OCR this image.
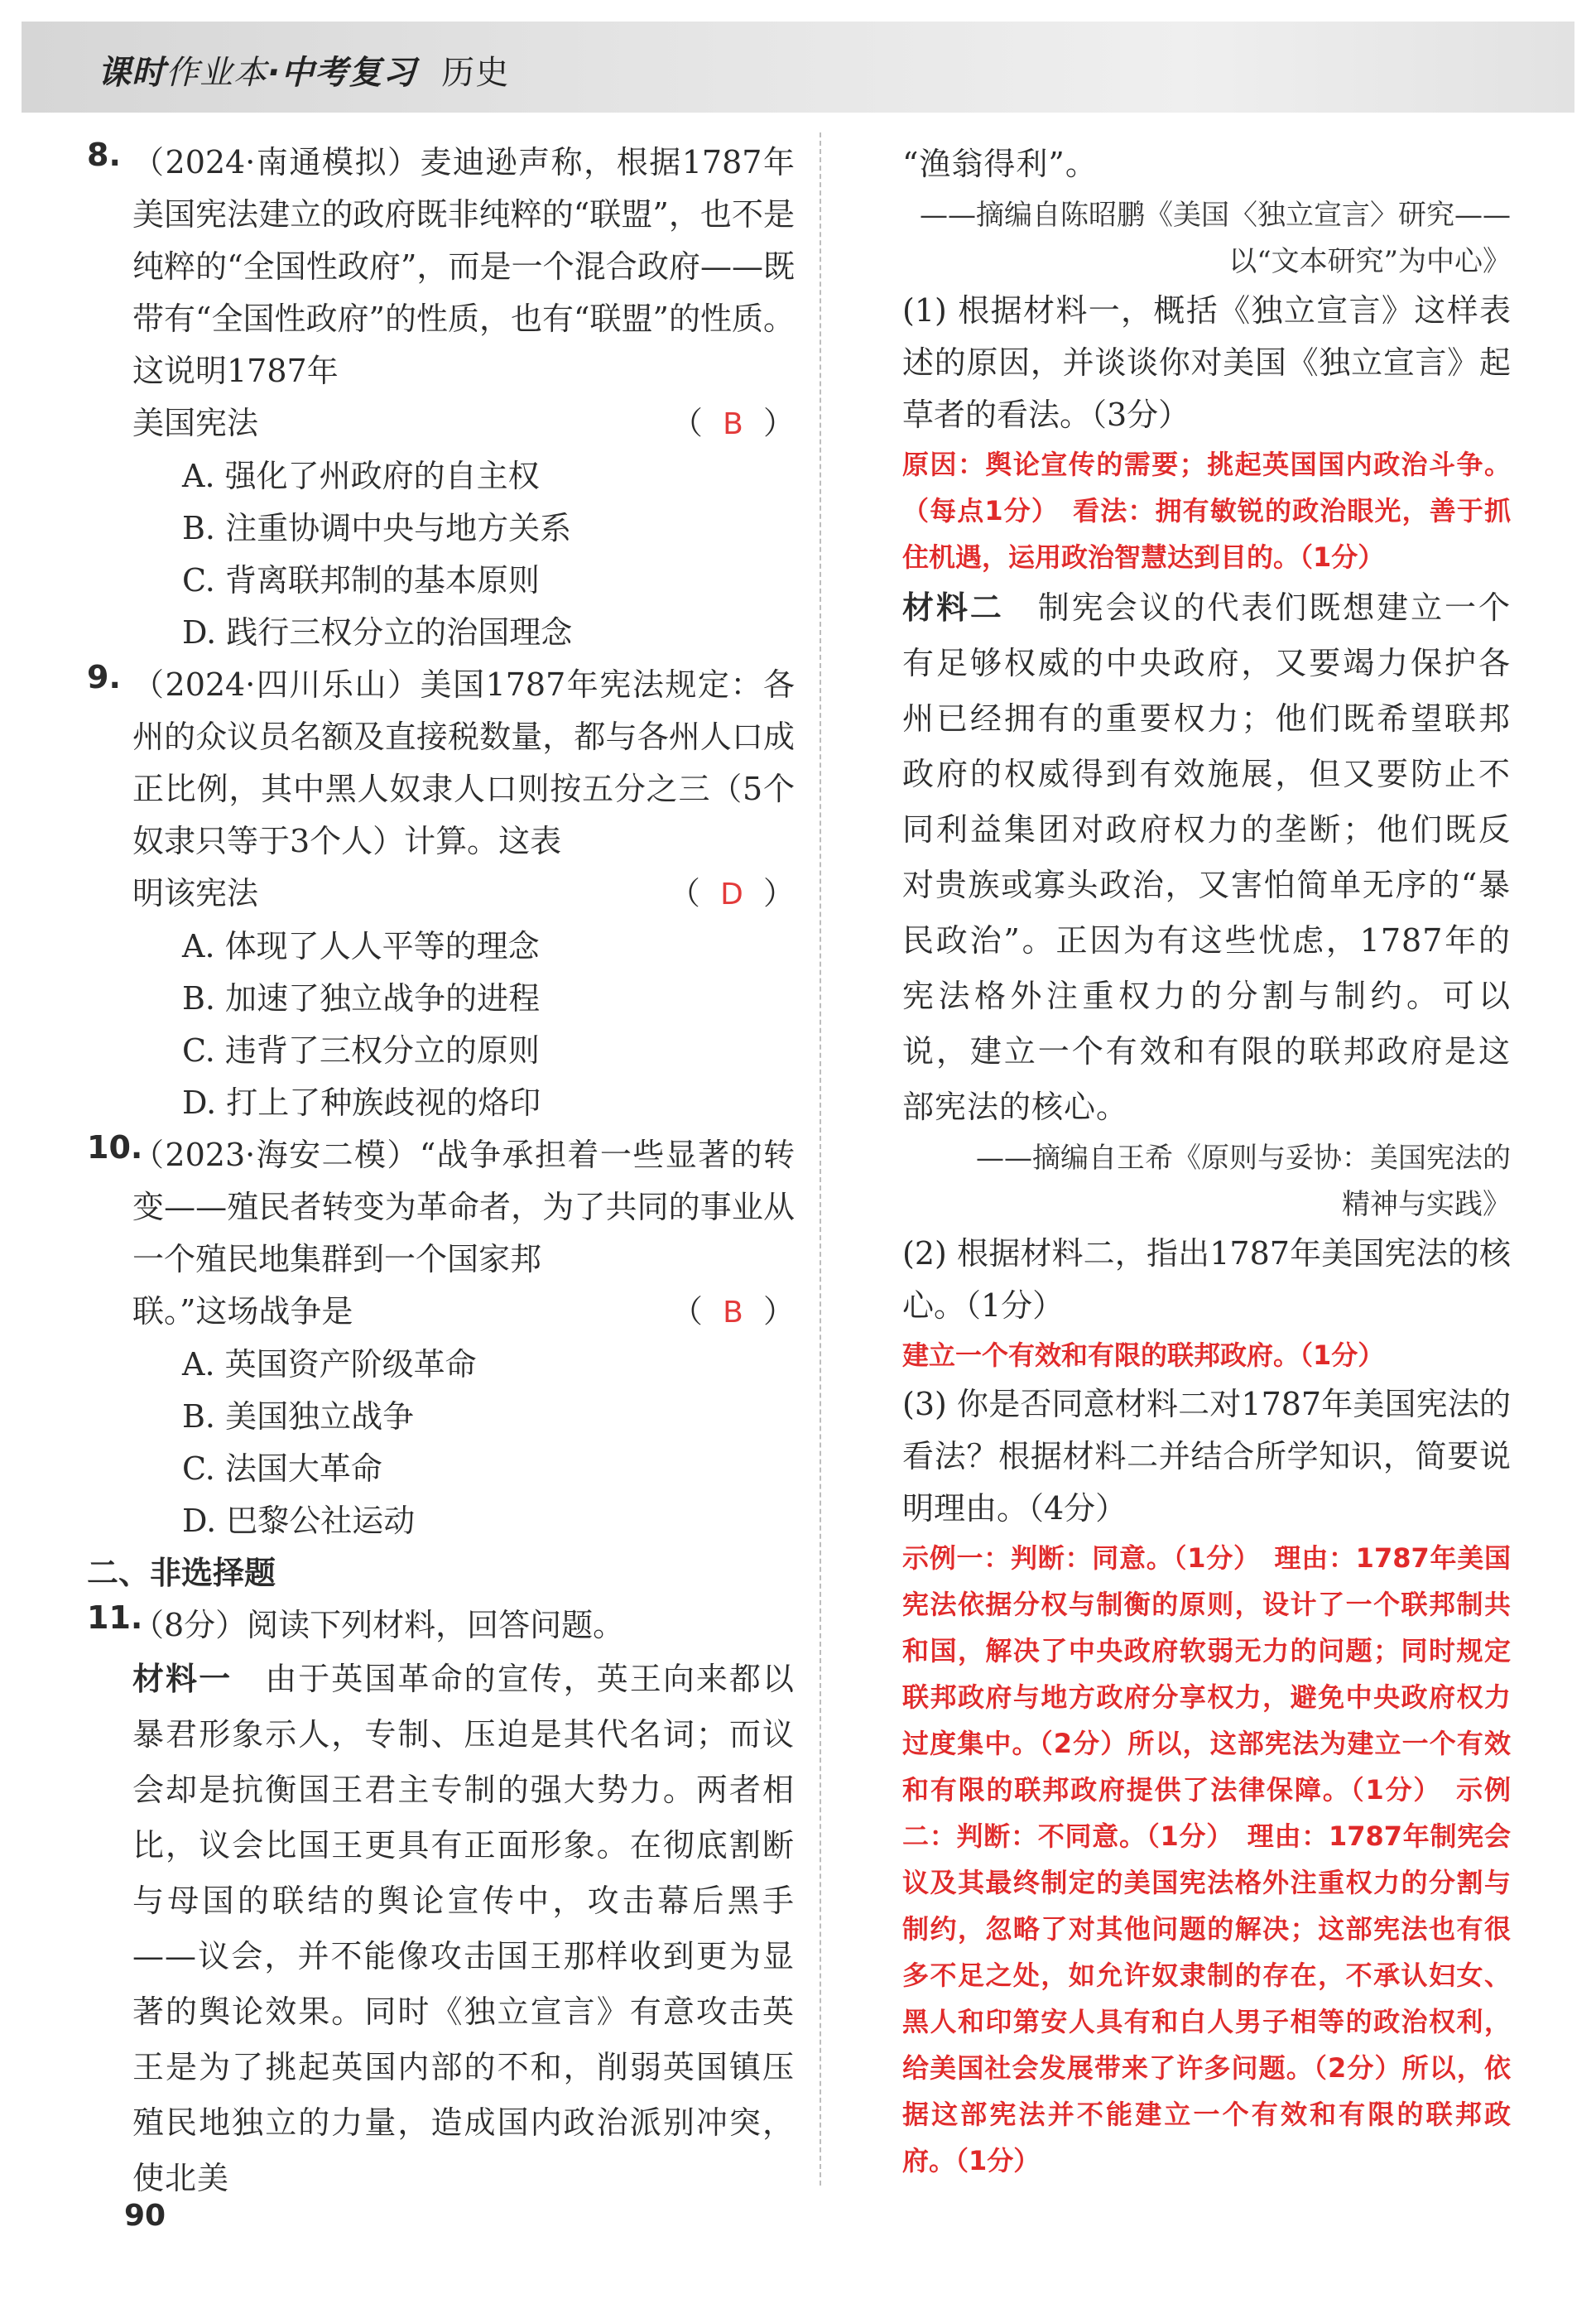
课时作业本·中考复习 历史
8. （2024·南通模拟）麦迪逊声称，根据1787年美国宪法建立的政府既非纯粹的“联盟”，也不是纯粹的“全国性政府”，而是一个混合政府——既带有“全国性政府”的性质，也有“联盟”的性质。这说明1787年

美国宪法	（ B ）
A. 强化了州政府的自主权
B. 注重协调中央与地方关系
C. 背离联邦制的基本原则
D. 践行三权分立的治国理念
9. （2024·四川乐山）美国1787年宪法规定：各州的众议员名额及直接税数量，都与各州人口成正比例，其中黑人奴隶人口则按五分之三（5个奴隶只等于3个人）计算。这表

明该宪法	（ D ）
A. 体现了人人平等的理念
B. 加速了独立战争的进程
C. 违背了三权分立的原则
D. 打上了种族歧视的烙印
10.

（2023·海安二模）“战争承担着一些显著的转变——殖民者转变为革命者，为了共同的事业从一个殖民地集群到一个国家邦

联。”这场战争是	（ B ）
A. 英国资产阶级革命
B. 美国独立战争
C. 法国大革命
D. 巴黎公社运动
二、非选择题
11.

（8分）阅读下列材料，回答问题。

材料一　由于英国革命的宣传，英王向来都以暴君形象示人，专制、压迫是其代名词；而议会却是抗衡国王君主专制的强大势力。两者相比，议会比国王更具有正面形象。在彻底割断与母国的联结的舆论宣传中，攻击幕后黑手——议会，并不能像攻击国王那样收到更为显著的舆论效果。同时《独立宣言》有意攻击英王是为了挑起英国内部的不和，削弱英国镇压殖民地独立的力量，造成国内政治派别冲突，使北美

“渔翁得利”。

——摘编自陈昭鹏《美国〈独立宣言〉研究——
以“文本研究”为中心》

(1) 根据材料一，概括《独立宣言》这样表述的原因，并谈谈你对美国《独立宣言》起草者的看法。（3分）

原因：舆论宣传的需要；挑起英国国内政治斗争。（每点1分）　看法：拥有敏锐的政治眼光，善于抓住机遇，运用政治智慧达到目的。（1分）

材料二　制宪会议的代表们既想建立一个有足够权威的中央政府，又要竭力保护各州已经拥有的重要权力；他们既希望联邦政府的权威得到有效施展，但又要防止不同利益集团对政府权力的垄断；他们既反对贵族或寡头政治，又害怕简单无序的“暴民政治”。正因为有这些忧虑，1787年的宪法格外注重权力的分割与制约。可以说，建立一个有效和有限的联邦政府是这部宪法的核心。

——摘编自王希《原则与妥协：美国宪法的
精神与实践》

(2) 根据材料二，指出1787年美国宪法的核心。（1分）

建立一个有效和有限的联邦政府。（1分）

(3) 你是否同意材料二对1787年美国宪法的看法？根据材料二并结合所学知识，简要说明理由。（4分）

示例一：判断：同意。（1分）　理由：1787年美国宪法依据分权与制衡的原则，设计了一个联邦制共和国，解决了中央政府软弱无力的问题；同时规定联邦政府与地方政府分享权力，避免中央政府权力过度集中。（2分）所以，这部宪法为建立一个有效和有限的联邦政府提供了法律保障。（1分）　示例二：判断：不同意。（1分）　理由：1787年制宪会议及其最终制定的美国宪法格外注重权力的分割与制约，忽略了对其他问题的解决；这部宪法也有很多不足之处，如允许奴隶制的存在，不承认妇女、黑人和印第安人具有和白人男子相等的政治权利，给美国社会发展带来了许多问题。（2分）所以，依据这部宪法并不能建立一个有效和有限的联邦政府。（1分）

90
